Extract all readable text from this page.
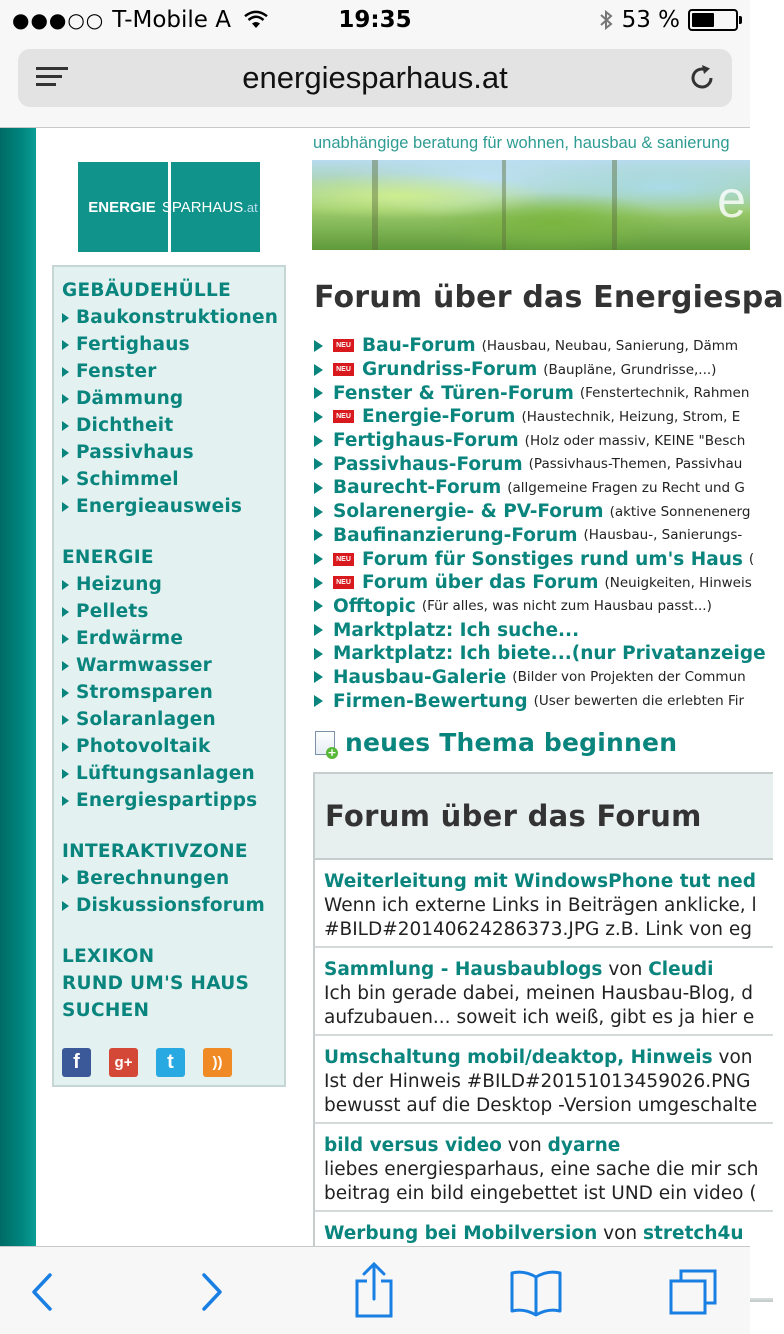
●●●○○ T-Mobile A	19:35	53 %
energiesparhaus.at
ENERGIE SPARHAUS.at
GEBÄUDEHÜLLE
Baukonstruktionen
Fertighaus
Fenster
Dämmung
Dichtheit
Passivhaus
Schimmel
Energieausweis
ENERGIE
Heizung
Pellets
Erdwärme
Warmwasser
Stromsparen
Solaranlagen
Photovoltaik
Lüftungsanlagen
Energiespartipps
INTERAKTIVZONE
Berechnungen
Diskussionsforum
LEXIKON
RUND UM'S HAUS
SUCHEN
f g+ t	))
unabhängige beratung für wohnen, hausbau & sanierung
e
Forum über das Energiespa
NEU Bau-Forum (Hausbau, Neubau, Sanierung, Dämm
NEU Grundriss-Forum (Baupläne, Grundrisse,...)
Fenster & Türen-Forum (Fenstertechnik, Rahmen
NEU Energie-Forum (Haustechnik, Heizung, Strom, E
Fertighaus-Forum (Holz oder massiv, KEINE "Besch
Passivhaus-Forum (Passivhaus-Themen, Passivhau
Baurecht-Forum (allgemeine Fragen zu Recht und G
Solarenergie- & PV-Forum (aktive Sonnenenerg
Baufinanzierung-Forum (Hausbau-, Sanierungs-
NEU Forum für Sonstiges rund um's Haus (
NEU Forum über das Forum (Neuigkeiten, Hinweis
Offtopic (Für alles, was nicht zum Hausbau passt...)
Marktplatz: Ich suche...
Marktplatz: Ich biete...(nur Privatanzeige
Hausbau-Galerie (Bilder von Projekten der Commun
Firmen-Bewertung (User bewerten die erlebten Fir
+
neues Thema beginnen
Forum über das Forum
Weiterleitung mit WindowsPhone tut ned
Wenn ich externe Links in Beiträgen anklicke, l
#BILD#20140624286373.JPG z.B. Link von eg
Sammlung - Hausbaublogs von Cleudi
Ich bin gerade dabei, meinen Hausbau-Blog, d
aufzubauen... soweit ich weiß, gibt es ja hier e
Umschaltung mobil/deaktop, Hinweis von
Ist der Hinweis #BILD#20151013459026.PNG
bewusst auf die Desktop -Version umgeschalte
bild versus video von dyarne
liebes energiesparhaus, eine sache die mir sch
beitrag ein bild eingebettet ist UND ein video (
Werbung bei Mobilversion von stretch4u
